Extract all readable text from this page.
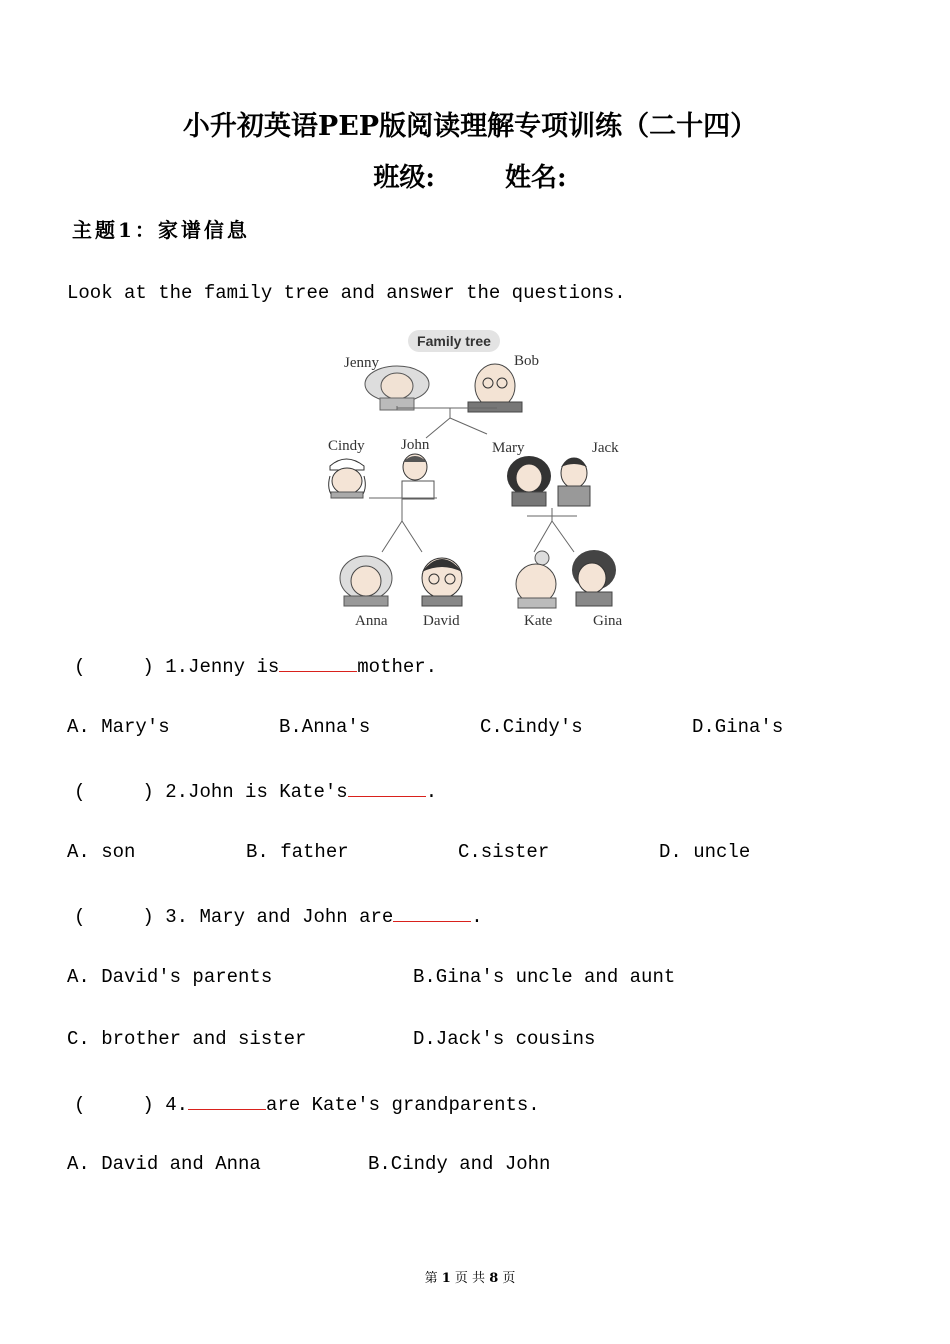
小升初英语PEP版阅读理解专项训练（二十四）
班级:	姓名:
主题1：家谱信息
Look at the family tree and answer the questions.
Family tree
Jenny	Bob
Cindy John	Mary	Jack
Anna David	Kate	Gina
(     ) 1.Jenny is	mother.
A. Mary's	B.Anna's	C.Cindy's	D.Gina's
(     ) 2.John is Kate's	.
A. son	B. father	C.sister	D. uncle
(     ) 3. Mary and John are	.
A. David's parents	B.Gina's uncle and aunt
C. brother and sister	D.Jack's cousins
(     ) 4.	are Kate's grandparents.
A. David and Anna	B.Cindy and John
第 1 页 共 8 页
